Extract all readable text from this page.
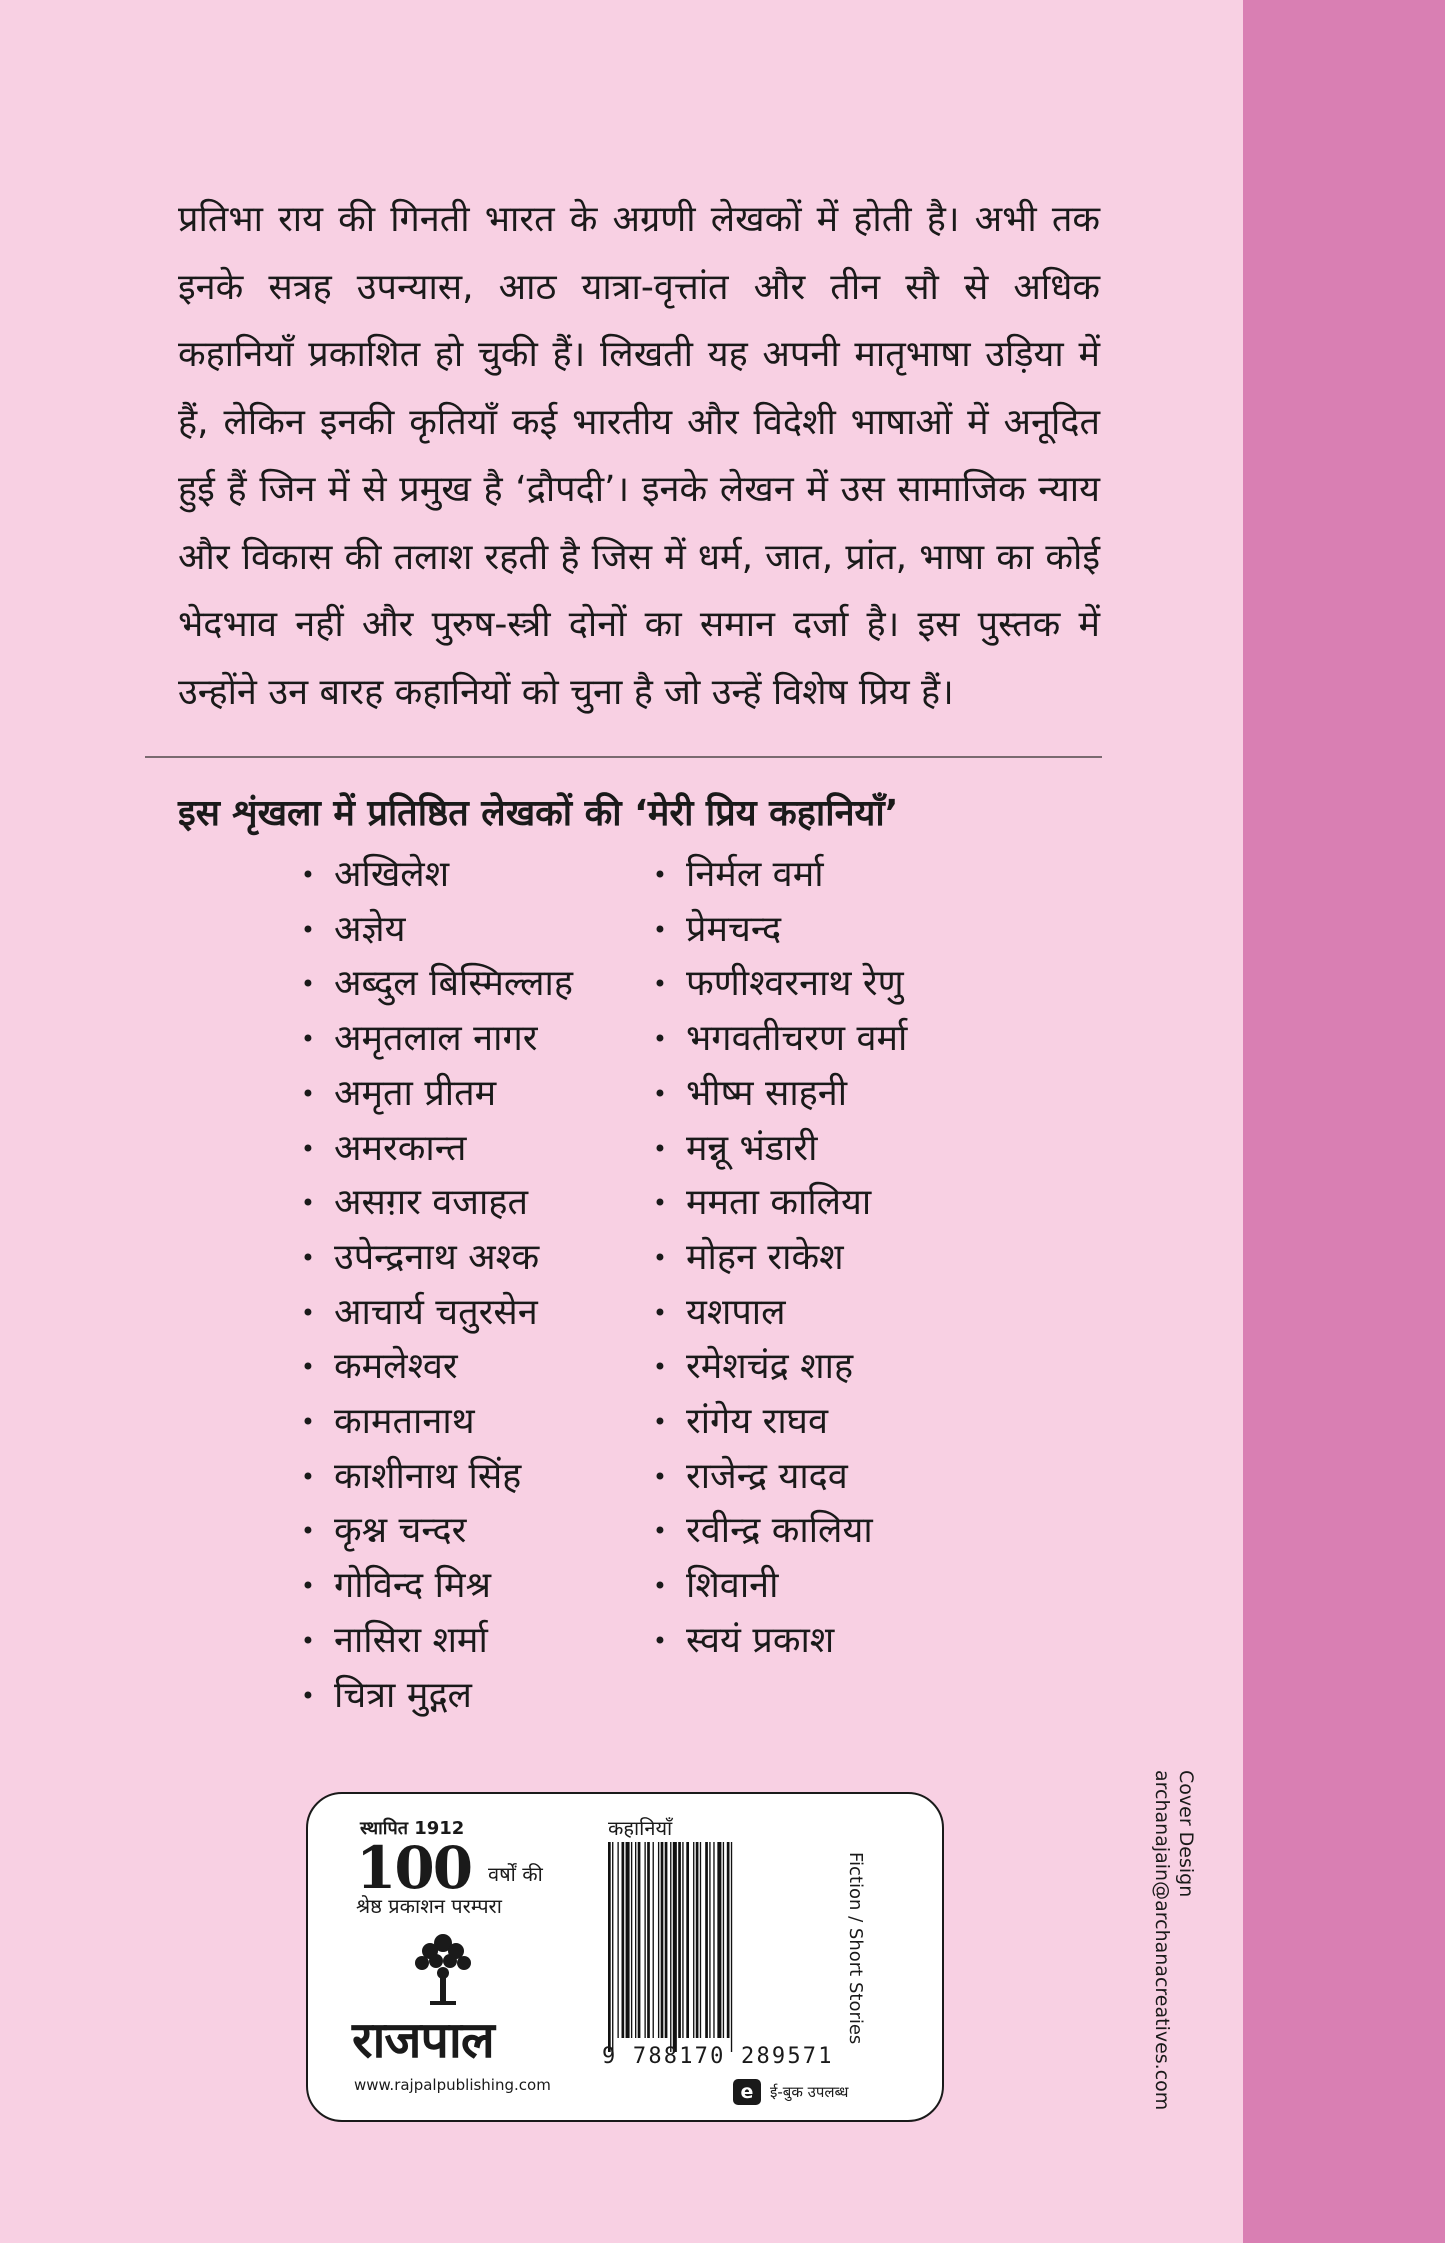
प्रतिभा राय की गिनती भारत के अग्रणी लेखकों में होती है। अभी तक इनके सत्रह उपन्यास, आठ यात्रा-वृत्तांत और तीन सौ से अधिक कहानियाँ प्रकाशित हो चुकी हैं। लिखती यह अपनी मातृभाषा उड़िया में हैं, लेकिन इनकी कृतियाँ कई भारतीय और विदेशी भाषाओं में अनूदित हुई हैं जिन में से प्रमुख है ‘द्रौपदी’। इनके लेखन में उस सामाजिक न्याय और विकास की तलाश रहती है जिस में धर्म, जात, प्रांत, भाषा का कोई भेदभाव नहीं और पुरुष-स्त्री दोनों का समान दर्जा है। इस पुस्तक में उन्होंने उन बारह कहानियों को चुना है जो उन्हें विशेष प्रिय हैं।

इस शृंखला में प्रतिष्ठित लेखकों की ‘मेरी प्रिय कहानियाँ’
• अखिलेश
• अज्ञेय
• अब्दुल बिस्मिल्लाह
• अमृतलाल नागर
• अमृता प्रीतम
• अमरकान्त
• असग़र वजाहत
• उपेन्द्रनाथ अश्क
• आचार्य चतुरसेन
• कमलेश्वर
• कामतानाथ
• काशीनाथ सिंह
• कृश्न चन्दर
• गोविन्द मिश्र
• नासिरा शर्मा
• चित्रा मुद्गल
• निर्मल वर्मा
• प्रेमचन्द
• फणीश्वरनाथ रेणु
• भगवतीचरण वर्मा
• भीष्म साहनी
• मन्नू भंडारी
• ममता कालिया
• मोहन राकेश
• यशपाल
• रमेशचंद्र शाह
• रांगेय राघव
• राजेन्द्र यादव
• रवीन्द्र कालिया
• शिवानी
• स्वयं प्रकाश
स्थापित 1912
100 वर्षों की
श्रेष्ठ प्रकाशन परम्परा
राजपाल
www.rajpalpublishing.com
कहानियाँ
9 788170 289571
Fiction / Short Stories
e	ई-बुक उपलब्ध
Cover Design
archanajain@archanacreatives.com
